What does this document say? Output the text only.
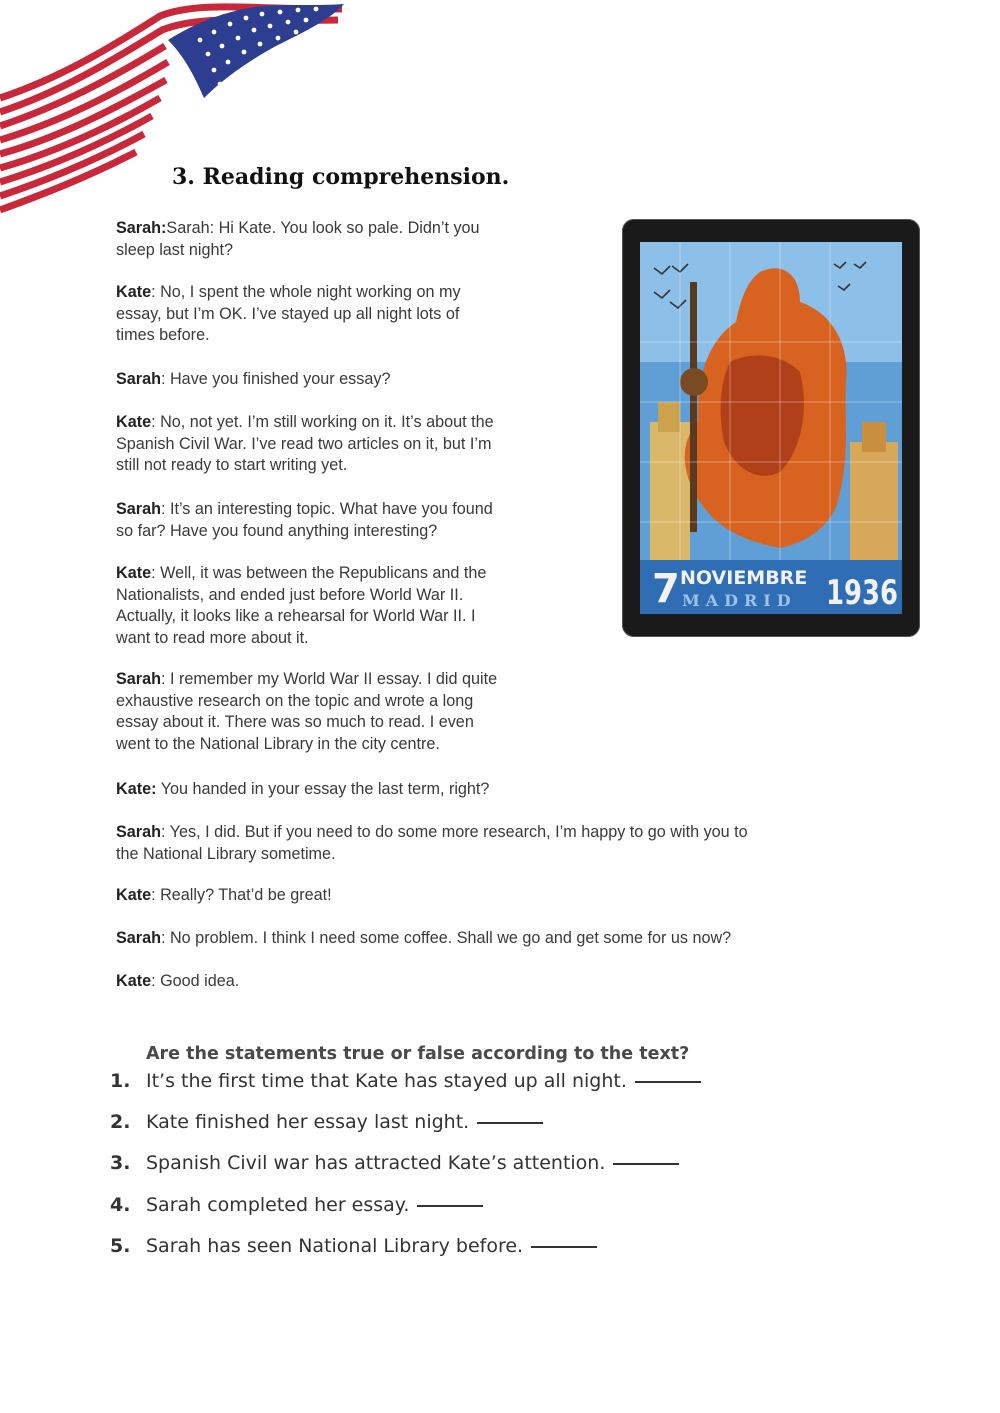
3. Reading comprehension.
Sarah:Sarah: Hi Kate. You look so pale. Didn’t you
sleep last night?
Kate: No, I spent the whole night working on my
essay, but I’m OK. I’ve stayed up all night lots of
times before.
Sarah: Have you finished your essay?
Kate: No, not yet. I’m still working on it. It’s about the
Spanish Civil War. I’ve read two articles on it, but I’m
still not ready to start writing yet.
Sarah: It’s an interesting topic. What have you found
so far? Have you found anything interesting?
Kate: Well, it was between the Republicans and the
Nationalists, and ended just before World War II.
Actually, it looks like a rehearsal for World War II. I
want to read more about it.
Sarah: I remember my World War II essay. I did quite
exhaustive research on the topic and wrote a long
essay about it. There was so much to read. I even
went to the National Library in the city centre.
Kate: You handed in your essay the last term, right?
Sarah: Yes, I did. But if you need to do some more research, I’m happy to go with you to
the National Library sometime.
Kate: Really? That’d be great!
Sarah: No problem. I think I need some coffee. Shall we go and get some for us now?
Kate: Good idea.
7 NOVIEMBRE
MADRID 1936
Are the statements true or false according to the text?
1. It’s the first time that Kate has stayed up all night.
2. Kate finished her essay last night.
3. Spanish Civil war has attracted Kate’s attention.
4. Sarah completed her essay.
5. Sarah has seen National Library before.
